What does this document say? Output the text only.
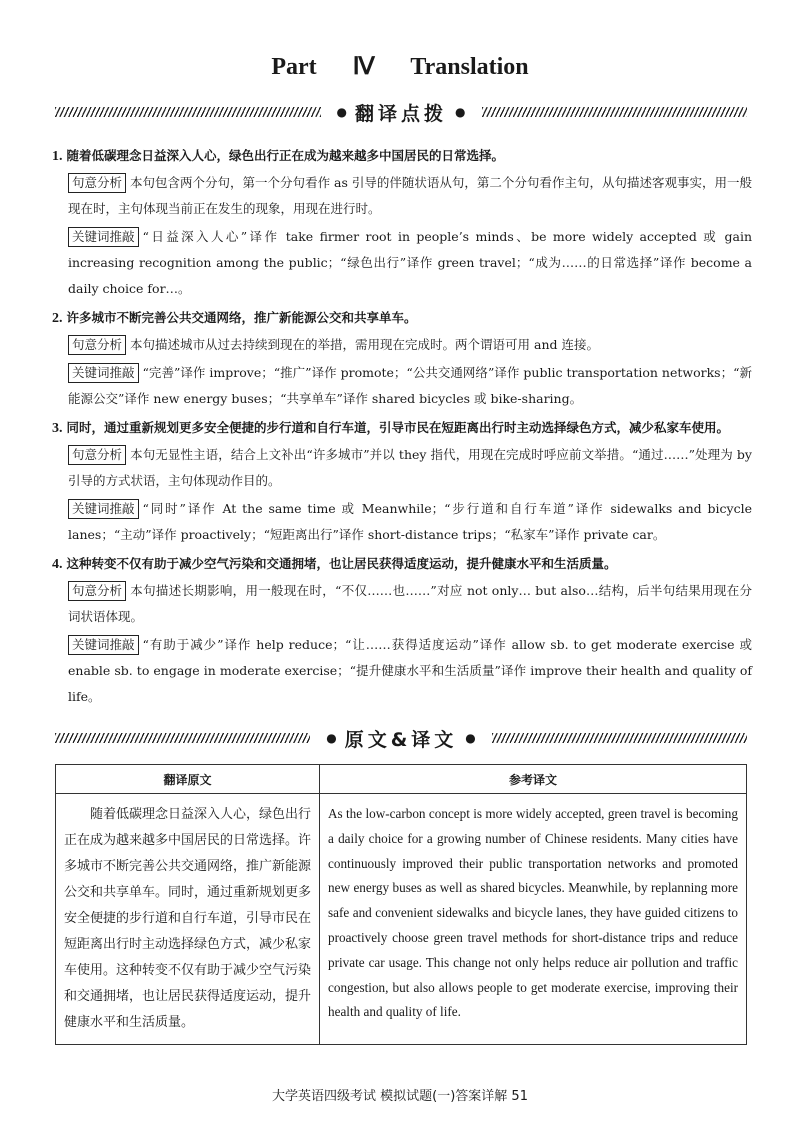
Part Ⅳ Translation
● 翻译点拨 ●
1. 随着低碳理念日益深入人心，绿色出行正在成为越来越多中国居民的日常选择。
句意分析 本句包含两个分句，第一个分句看作 as 引导的伴随状语从句，第二个分句看作主句，从句描述客观事实，用一般现在时，主句体现当前正在发生的现象，用现在进行时。
关键词推敲 “日益深入人心”译作 take firmer root in people’s minds、be more widely accepted 或 gain increasing recognition among the public；“绿色出行”译作 green travel；“成为……的日常选择”译作 become a daily choice for…。
2. 许多城市不断完善公共交通网络，推广新能源公交和共享单车。
句意分析 本句描述城市从过去持续到现在的举措，需用现在完成时。两个谓语可用 and 连接。
关键词推敲 “完善”译作 improve；“推广”译作 promote；“公共交通网络”译作 public transportation networks；“新能源公交”译作 new energy buses；“共享单车”译作 shared bicycles 或 bike-sharing。
3. 同时，通过重新规划更多安全便捷的步行道和自行车道，引导市民在短距离出行时主动选择绿色方式，减少私家车使用。
句意分析 本句无显性主语，结合上文补出“许多城市”并以 they 指代，用现在完成时呼应前文举措。“通过……”处理为 by 引导的方式状语，主句体现动作目的。
关键词推敲 “同时”译作 At the same time 或 Meanwhile；“步行道和自行车道”译作 sidewalks and bicycle lanes；“主动”译作 proactively；“短距离出行”译作 short-distance trips；“私家车”译作 private car。
4. 这种转变不仅有助于减少空气污染和交通拥堵，也让居民获得适度运动，提升健康水平和生活质量。
句意分析 本句描述长期影响，用一般现在时，“不仅……也……”对应 not only… but also…结构，后半句结果用现在分词状语体现。
关键词推敲 “有助于减少”译作 help reduce；“让……获得适度运动”译作 allow sb. to get moderate exercise 或 enable sb. to engage in moderate exercise；“提升健康水平和生活质量”译作 improve their health and quality of life。
● 原文&译文 ●
翻译原文	参考译文
随着低碳理念日益深入人心，绿色出行正在成为越来越多中国居民的日常选择。许多城市不断完善公共交通网络，推广新能源公交和共享单车。同时，通过重新规划更多安全便捷的步行道和自行车道，引导市民在短距离出行时主动选择绿色方式，减少私家车使用。这种转变不仅有助于减少空气污染和交通拥堵，也让居民获得适度运动，提升健康水平和生活质量。	As the low-carbon concept is more widely accepted, green travel is becoming a daily choice for a growing number of Chinese residents. Many cities have continuously improved their public transportation networks and promoted new energy buses as well as shared bicycles. Meanwhile, by replanning more safe and convenient sidewalks and bicycle lanes, they have guided citizens to proactively choose green travel methods for short-distance trips and reduce private car usage. This change not only helps reduce air pollution and traffic congestion, but also allows people to get moderate exercise, improving their health and quality of life.
大学英语四级考试 模拟试题(一)答案详解 51
